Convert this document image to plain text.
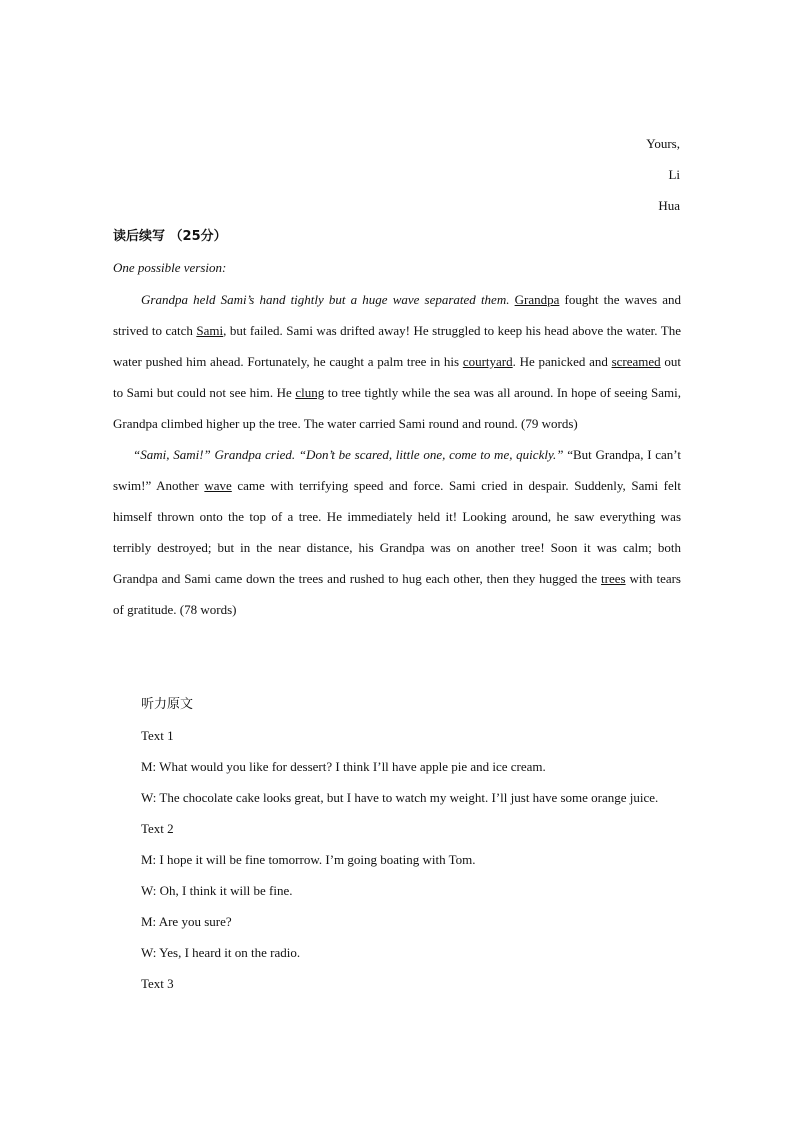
Yours,
Li
Hua
读后续写 （25分）
One possible version:

Grandpa held Sami’s hand tightly but a huge wave separated them. Grandpa fought the waves and strived to catch Sami, but failed. Sami was drifted away! He struggled to keep his head above the water. The water pushed him ahead. Fortunately, he caught a palm tree in his courtyard. He panicked and screamed out to Sami but could not see him. He clung to tree tightly while the sea was all around. In hope of seeing Sami, Grandpa climbed higher up the tree. The water carried Sami round and round. (79 words)

“Sami, Sami!” Grandpa cried. “Don’t be scared, little one, come to me, quickly.” “But Grandpa, I can’t swim!” Another wave came with terrifying speed and force. Sami cried in despair. Suddenly, Sami felt himself thrown onto the top of a tree. He immediately held it! Looking around, he saw everything was terribly destroyed; but in the near distance, his Grandpa was on another tree! Soon it was calm; both Grandpa and Sami came down the trees and rushed to hug each other, then they hugged the trees with tears of gratitude. (78 words)

听力原文

Text 1

M: What would you like for dessert? I think I’ll have apple pie and ice cream.

W: The chocolate cake looks great, but I have to watch my weight. I’ll just have some orange juice.

Text 2

M: I hope it will be fine tomorrow. I’m going boating with Tom.

W: Oh, I think it will be fine.

M: Are you sure?

W: Yes, I heard it on the radio.

Text 3
